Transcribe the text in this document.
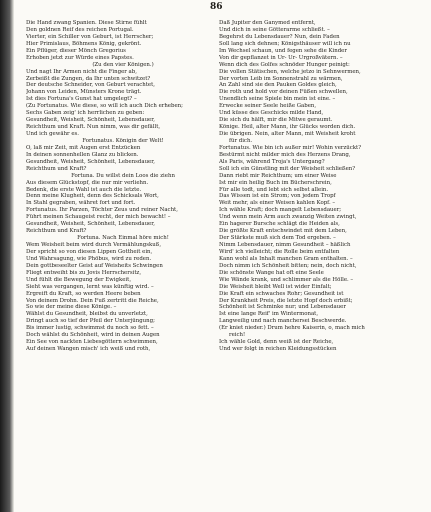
86
Die Hand zwang Spanien. Diese Stirne fühlt
Den goldnen Reif des reichen Portugal.
Vierter, ein Schiller von Geburt, ist Herrscher;
Hier Primislaus, Böhmens König, gekrönt.
Ein Pflüger, dieser Mönch Gregorius
Erhoben jetzt zur Würde eines Papstes.
(Zu den vier Königen.)
Und nagt Ihr Armen nicht die Finger ab,
Zerbeißt die Zungen, da Ihr unten schwitzet?
Der deutsche Schneider, von Geburt verachtet,
Johann von Leiden, Münsters Krone trägt.
Ist dies Fortuna's Gunst hat umgelegt? –
(Zu Fortunatus. Wie diese, so will ich auch Dich erheben;
Sechs Gaben zeig' ich herrlichen zu geben:
Gesundheit, Weisheit, Schönheit, Lebensdauer,
Reichthum und Kraft. Nun nimm, was dir gefällt,
Und ich gewähr es.
Fortunatus. Königin der Welt!
O, laß mir Zeit, mit Augen erst Entzücken
In deinen sonnenhellen Glanz zu blicken.
Gesundheit, Weisheit, Schönheit, Lebensdauer,
Reichthum und Kraft?
Fortuna. Du willst dein Loos die ziehn
Aus diesem Glückstopf, die nur mir verliehn.
Bedenk, die erste Wahl ist auch die letzte.
Denn meine Klugheit, denn des Schicksals Wort,
In Stahl gegraben, währet fort und fort.
Fortunatus. Ihr Parzen, Töchter Zeus und reiner Nacht,
Führt meinen Schaugeist recht, der mich bewacht! –
Gesundheit, Weisheit, Schönheit, Lebensdauer,
Reichthum und Kraft?
Fortuna. Nach Einmal höre mich!
Wem Weisheit beim wird durch Vermählungskuß,
Der spricht so von diesen Lippen Gottheit ein,
Und Wahrsagung, wie Phöbus, wird zu reden.
Dein gottbeseelter Geist auf Weisheits Schwingen
Fliegt entweiht bis zu Jovis Herrschersitz,
Und fühlt die Bewegung der Ewigkeit,
Sieht was vergangen, lernt was künftig wird. –
Ergreift du Kraft, so werden Heere beben
Von deinem Drohn. Dein Fuß zertritt die Reiche,
So wie der meine diese Könige. –
Wählst du Gesundheit, bleibst du unverletzt,
Dringt auch so tief der Pfeil der Unterjüngung;
Bis immer lustig, schwimmst du noch so fett. –
Doch wählst du Schönheit, wird in deinen Augen
Ein See von nackten Liebesgöttern schwimmen,
Auf deinen Wangen misch' ich weiß und roth,
Daß Jupiter den Ganymed entfernt,
Und dich in seine Götterarme schließt. –
Begehrst du Lebensdauer? Nun, dein Faden
Soll lang sich dehnen; Königsthäuser will ich nu
Im Wechsel schaun, und fegen sehe die Kinder
Von dir gepflanzet in Ur- Ur- Urgroßvätern. –
Wenn dich des Golfes schnöder Hunger peinigt:
Die vollen Stätischen, welche jetzo in Sehnwermen,
Der vorten Leib im Sonnenstrahl zu wärmen,
An Zahl sind sie den Pauken Goldes gleich,
Die roth und hold vor deinen Füßen schwellen,
Unendlich seine Spiele bin mein ist eine. –
Erwecke seiner Seele heiße Gaben,
Und küsse des Geschicks milde Hand,
Die sich du hälft, mir die Mitwe geraumt.
Könige. Heil, alter Mann, ihr Glücks worden dich.
Die übrigen. Nein, alter Mann, mit Weisheit kroht
für dich.
Fortunatus. Wie bin ich außer mir! Wohin verzückt?
Bestürmt nicht milder mich des Herzens Drang,
Als Paris, während Troja's Untergang?
Soll ich ein Günstling mit der Weisheit schließen?
Dann riebt mir Reichthum; um einer Weise
Ist mir ein heilig Buch im Bücherschrein,
Für alle todt, und lebt sich selbst allein.
Das Wissen ist ein Strom; von jedem Tropf
Weit mehr, als einer Weisen kahlen Kopf. –
Ich wähle Kraft; doch mangelt Lebensdauer;
Und wenn mein Arm auch zwanzig Weiten zwingt,
Ein hagerer Bursche schlägt die Heiden als,
Die größte Kraft entschwindet mit dem Leben,
Der Stärkste muß sich dem Tod ergeben. –
Nimm Lebensdauer, nimm Gesundheit – häßlich
Wird' ich vielleicht; die Rolle beim entfalten
Kann wohl als Inhalt manchen Gram enthalten. –
Doch nimm ich Schönheit bitten; nein, doch nicht,
Die schönste Wange hat oft eine Seele
Wie Wände krank, und schlimmer als die Hölle. –
Die Weisheit bleibt Well ist wider Einfalt;
Die Kraft ein schwaches Rohr; Gesundheit ist
Der Krankheit Preis, die letzte Hopf doch erbißt;
Schönheit ist Schminke nur; und Lebensdauer
Ist eine lange Reif' im Wintermonat,
Langweilig und nach manchersei Beschwerde.
(Er kniet nieder.) Drum hehre Kaiserin, o, mach mich
reich!
Ich wähle Gold, denn weiß ist der Reiche,
Und wer folgt in reichen Kleidungsstücken
